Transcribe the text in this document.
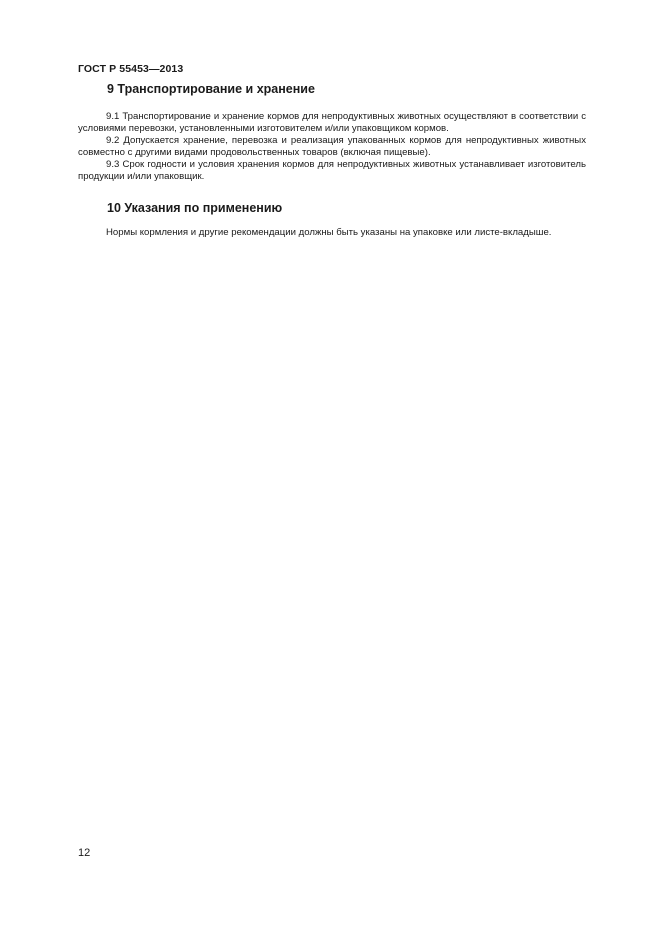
ГОСТ Р 55453—2013
9 Транспортирование и хранение

9.1 Транспортирование и хранение кормов для непродуктивных животных осуществляют в соответствии с условиями перевозки, установленными изготовителем и/или упаковщиком кормов.

9.2 Допускается хранение, перевозка и реализация упакованных кормов для непродуктивных животных совместно с другими видами продовольственных товаров (включая пищевые).

9.3 Срок годности и условия хранения кормов для непродуктивных животных устанавливает изготовитель продукции и/или упаковщик.

10 Указания по применению

Нормы кормления и другие рекомендации должны быть указаны на упаковке или листе-вкладыше.

12
